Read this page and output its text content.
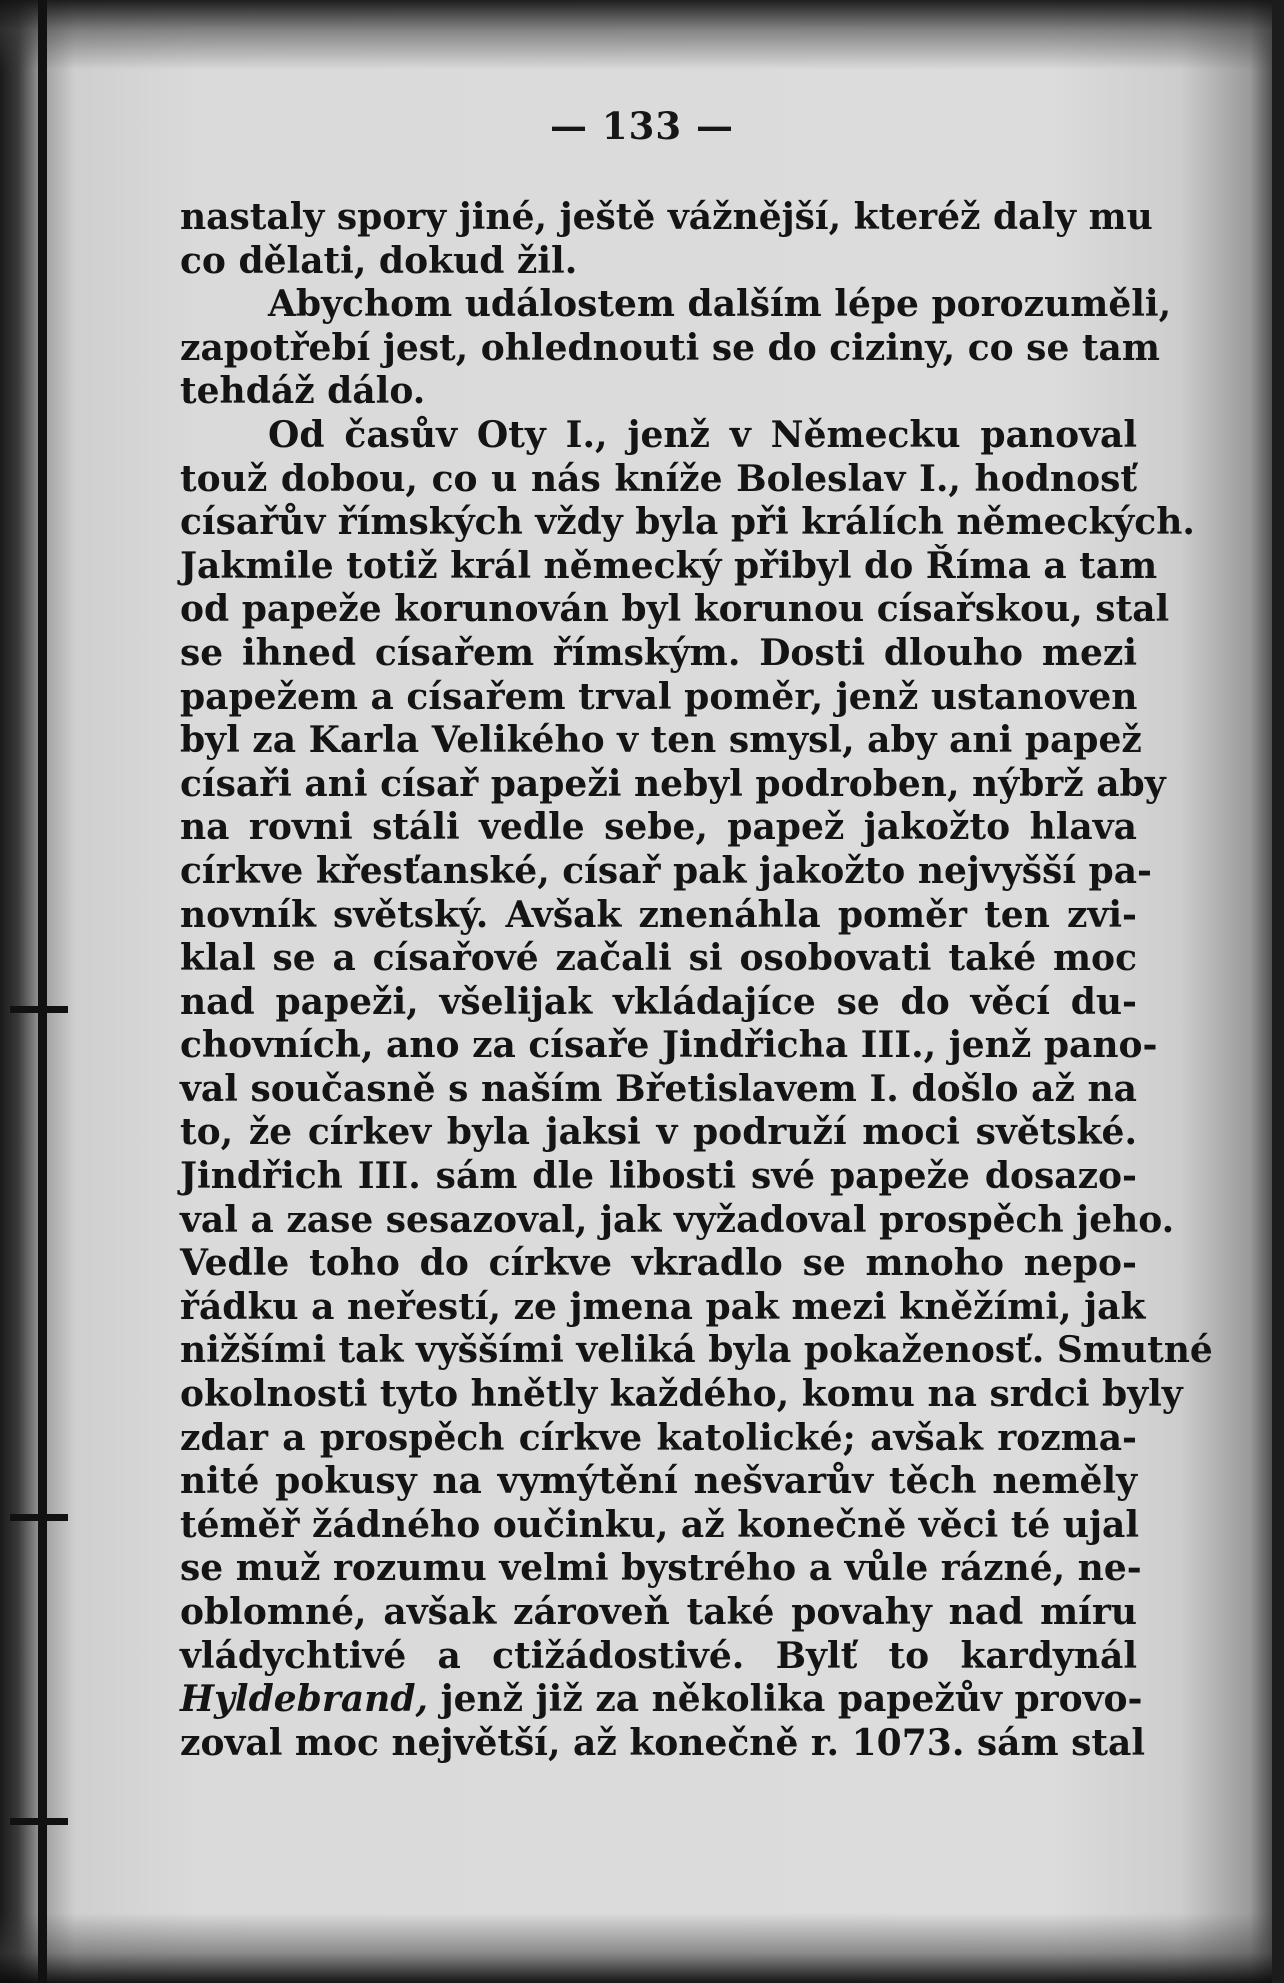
— 133 —
nastaly spory jiné, ještě vážnější, kteréž daly mu
co dělati, dokud žil.
Abychom událostem dalším lépe porozuměli,
zapotřebí jest, ohlednouti se do ciziny, co se tam
tehdáž dálo.
Od časův Oty I., jenž v Německu panoval
touž dobou, co u nás kníže Boleslav I., hodnosť
císařův římských vždy byla při králích německých.
Jakmile totiž král německý přibyl do Říma a tam
od papeže korunován byl korunou císařskou, stal
se ihned císařem římským. Dosti dlouho mezi
papežem a císařem trval poměr, jenž ustanoven
byl za Karla Velikého v ten smysl, aby ani papež
císaři ani císař papeži nebyl podroben, nýbrž aby
na rovni stáli vedle sebe, papež jakožto hlava
církve křesťanské, císař pak jakožto nejvyšší pa-
novník světský. Avšak znenáhla poměr ten zvi-
klal se a císařové začali si osobovati také moc
nad papeži, všelijak vkládajíce se do věcí du-
chovních, ano za císaře Jindřicha III., jenž pano-
val současně s naším Břetislavem I. došlo až na
to, že církev byla jaksi v podruží moci světské.
Jindřich III. sám dle libosti své papeže dosazo-
val a zase sesazoval, jak vyžadoval prospěch jeho.
Vedle toho do církve vkradlo se mnoho nepo-
řádku a neřestí, ze jmena pak mezi kněžími, jak
nižšími tak vyššími veliká byla pokaženosť. Smutné
okolnosti tyto hnětly každého, komu na srdci byly
zdar a prospěch církve katolické; avšak rozma-
nité pokusy na vymýtění nešvarův těch neměly
téměř žádného oučinku, až konečně věci té ujal
se muž rozumu velmi bystrého a vůle rázné, ne-
oblomné, avšak zároveň také povahy nad míru
vládychtivé a ctižádostivé. Bylť to kardynál
Hyldebrand, jenž již za několika papežův provo-
zoval moc největší, až konečně r. 1073. sám stal
